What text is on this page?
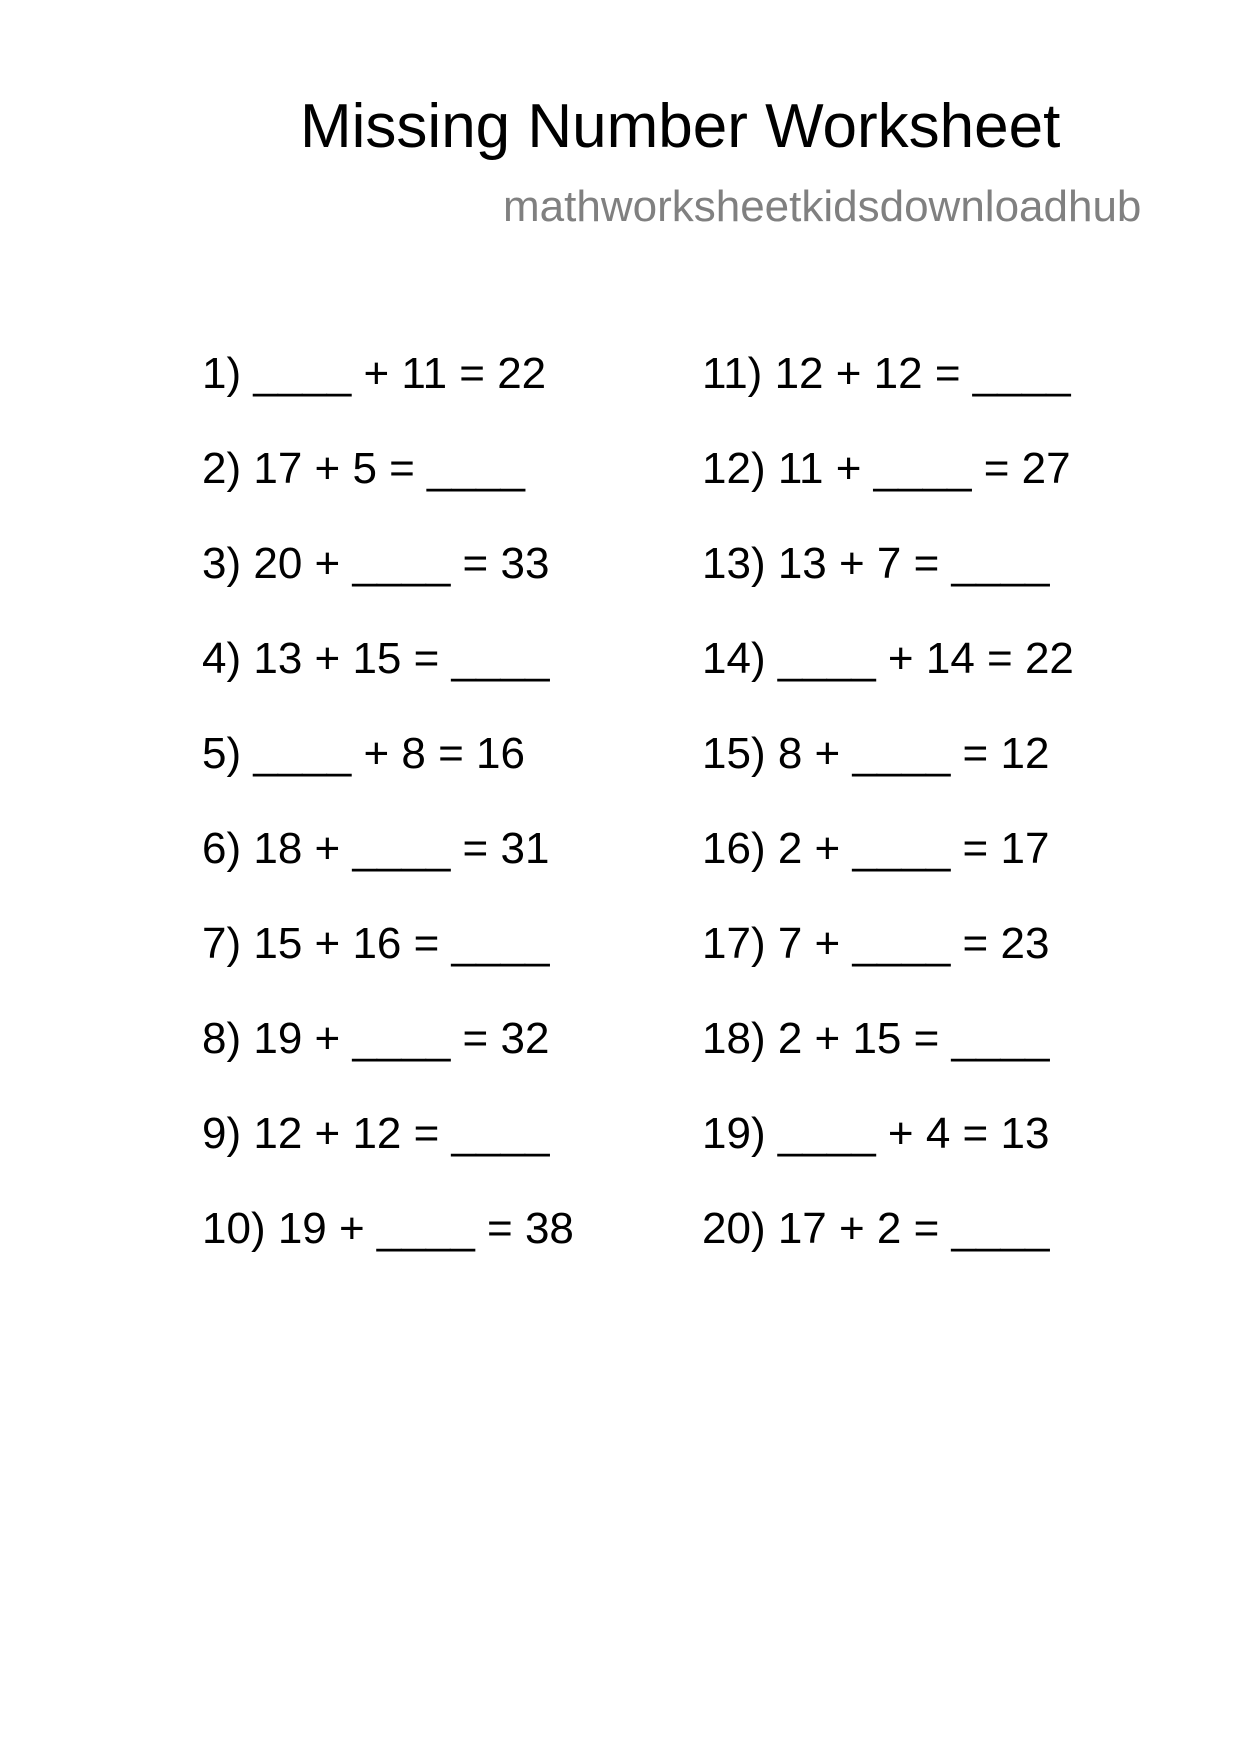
Missing Number Worksheet
mathworksheetkidsdownloadhub
1) ____ + 11 = 22
2) 17 + 5 = ____
3) 20 + ____ = 33
4) 13 + 15 = ____
5) ____ + 8 = 16
6) 18 + ____ = 31
7) 15 + 16 = ____
8) 19 + ____ = 32
9) 12 + 12 = ____
10) 19 + ____ = 38
11) 12 + 12 = ____
12) 11 + ____ = 27
13) 13 + 7 = ____
14) ____ + 14 = 22
15) 8 + ____ = 12
16) 2 + ____ = 17
17) 7 + ____ = 23
18) 2 + 15 = ____
19) ____ + 4 = 13
20) 17 + 2 = ____
